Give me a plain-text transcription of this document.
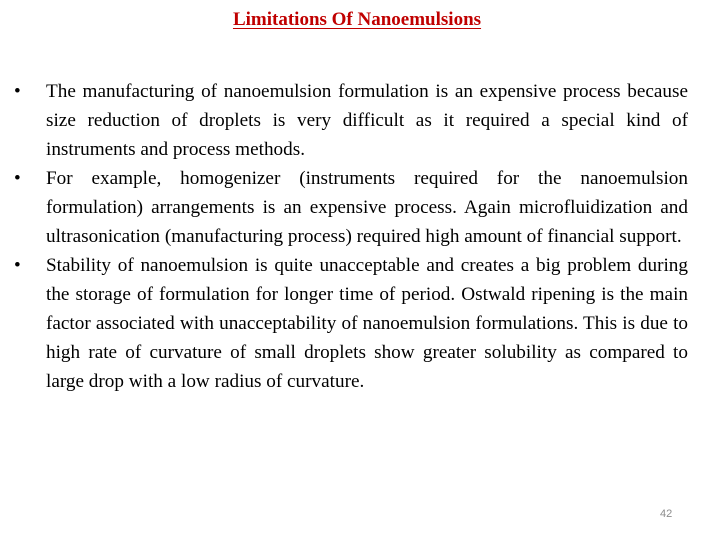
Limitations Of Nanoemulsions
•	The manufacturing of nanoemulsion formulation is an expensive process because size reduction of droplets is very difficult as it required a special kind of instruments and process methods.
•	For example, homogenizer (instruments required for the nanoemulsion formulation) arrangements is an expensive process. Again microfluidization and ultrasonication (manufacturing process) required high amount of financial support.
•	Stability of nanoemulsion is quite unacceptable and creates a big problem during the storage of formulation for longer time of period. Ostwald ripening is the main factor associated with unacceptability of nanoemulsion formulations. This is due to high rate of curvature of small droplets show greater solubility as compared to large drop with a low radius of curvature.
42
